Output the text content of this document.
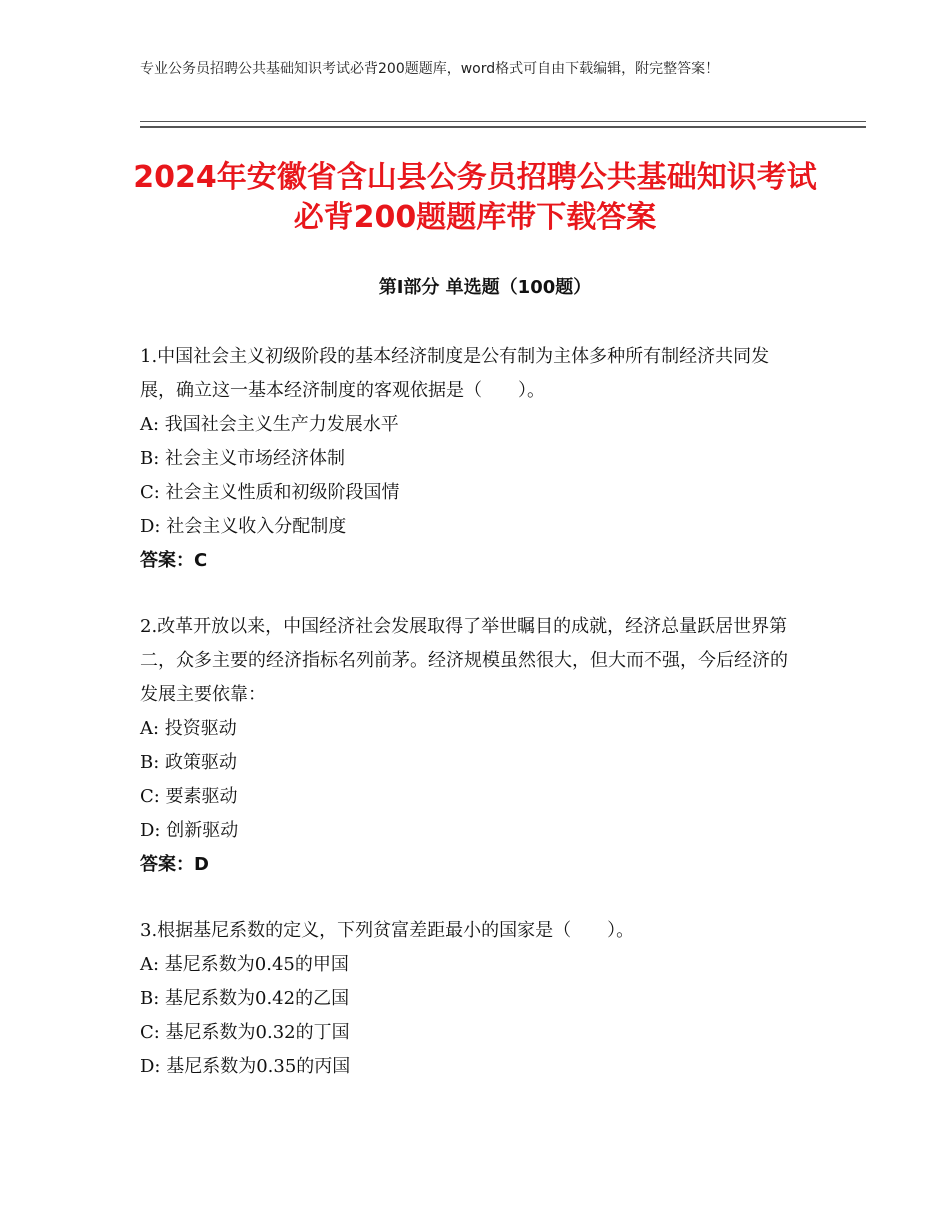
专业公务员招聘公共基础知识考试必背200题题库，word格式可自由下载编辑，附完整答案！
2024年安徽省含山县公务员招聘公共基础知识考试必背200题题库带下载答案
第Ⅰ部分 单选题（100题）

1.中国社会主义初级阶段的基本经济制度是公有制为主体多种所有制经济共同发展，确立这一基本经济制度的客观依据是（　　）。

A: 我国社会主义生产力发展水平

B: 社会主义市场经济体制

C: 社会主义性质和初级阶段国情

D: 社会主义收入分配制度

答案：C

2.改革开放以来，中国经济社会发展取得了举世瞩目的成就，经济总量跃居世界第二，众多主要的经济指标名列前茅。经济规模虽然很大，但大而不强，今后经济的发展主要依靠：

A: 投资驱动

B: 政策驱动

C: 要素驱动

D: 创新驱动

答案：D

3.根据基尼系数的定义，下列贫富差距最小的国家是（　　）。

A: 基尼系数为0.45的甲国

B: 基尼系数为0.42的乙国

C: 基尼系数为0.32的丁国

D: 基尼系数为0.35的丙国
